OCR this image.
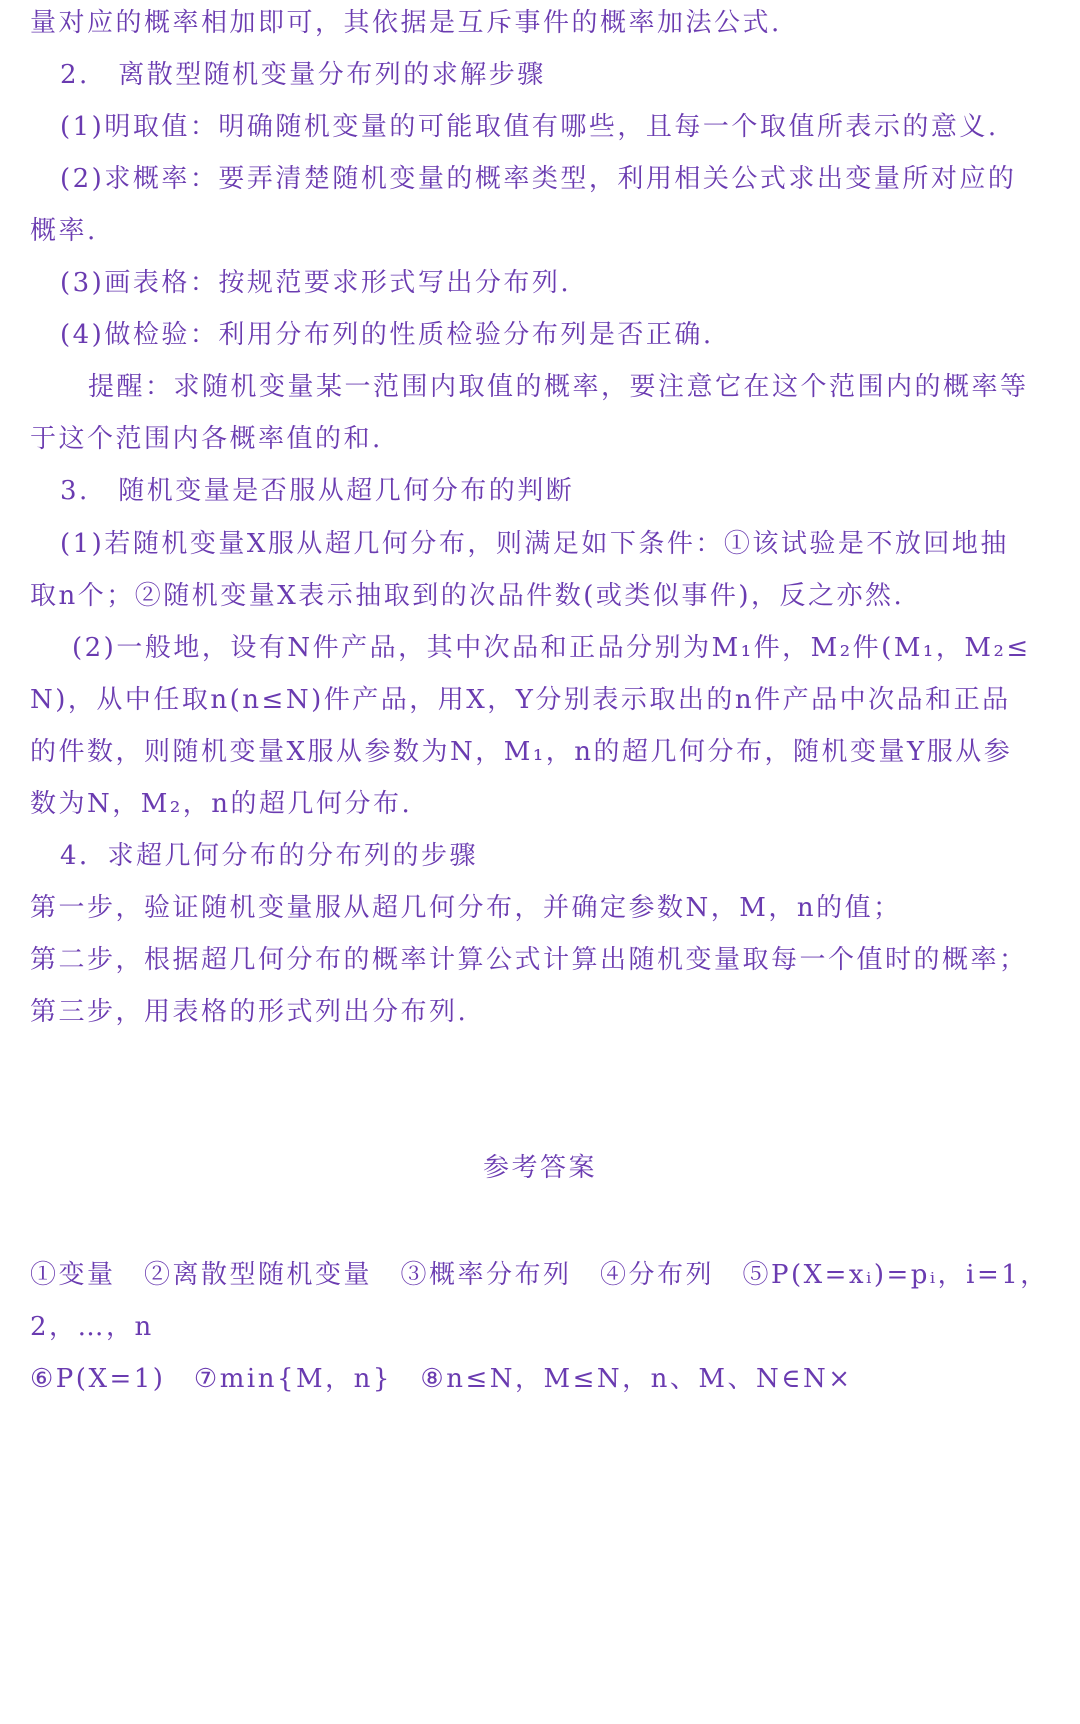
量对应的概率相加即可，其依据是互斥事件的概率加法公式.
2.　离散型随机变量分布列的求解步骤
(1)明取值：明确随机变量的可能取值有哪些，且每一个取值所表示的意义.
(2)求概率：要弄清楚随机变量的概率类型，利用相关公式求出变量所对应的
概率.
(3)画表格：按规范要求形式写出分布列.
(4)做检验：利用分布列的性质检验分布列是否正确.
提醒：求随机变量某一范围内取值的概率，要注意它在这个范围内的概率等
于这个范围内各概率值的和.
3.　随机变量是否服从超几何分布的判断
(1)若随机变量X服从超几何分布，则满足如下条件：①该试验是不放回地抽
取n个；②随机变量X表示抽取到的次品件数(或类似事件)，反之亦然.
(2)一般地，设有N件产品，其中次品和正品分别为M₁件，M₂件(M₁，M₂≤
N)，从中任取n(n≤N)件产品，用X，Y分别表示取出的n件产品中次品和正品
的件数，则随机变量X服从参数为N，M₁，n的超几何分布，随机变量Y服从参
数为N，M₂，n的超几何分布.
4．求超几何分布的分布列的步骤
第一步，验证随机变量服从超几何分布，并确定参数N，M，n的值；
第二步，根据超几何分布的概率计算公式计算出随机变量取每一个值时的概率；
第三步，用表格的形式列出分布列.
参考答案
①变量　②离散型随机变量　③概率分布列　④分布列　⑤P(X=xᵢ)=pᵢ，i=1，
2，…，n
⑥P(X=1)　⑦min{M，n}　⑧n≤N，M≤N，n、M、N∈N×
